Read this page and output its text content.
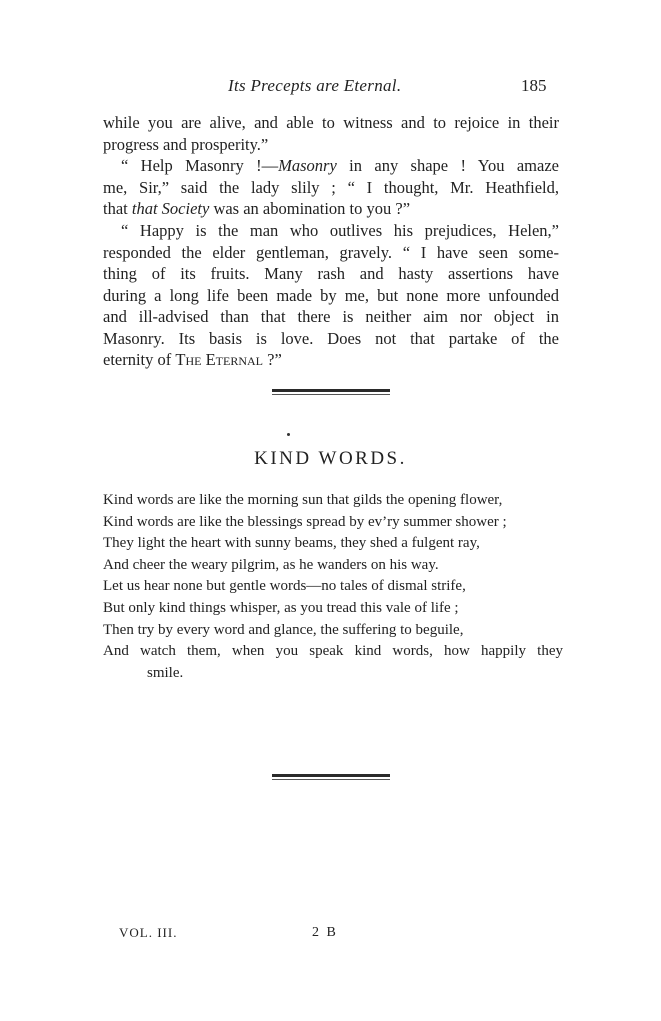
Its Precepts are Eternal.	185
while you are alive, and able to witness and to rejoice in their
progress and prosperity.”
“ Help Masonry !—Masonry in any shape ! You amaze
me, Sir,” said the lady slily ; “ I thought, Mr. Heathfield,
that that Society was an abomination to you ?”
“ Happy is the man who outlives his prejudices, Helen,”
responded the elder gentleman, gravely. “ I have seen some-
thing of its fruits. Many rash and hasty assertions have
during a long life been made by me, but none more unfounded
and ill-advised than that there is neither aim nor object in
Masonry. Its basis is love. Does not that partake of the
eternity of The Eternal ?”
KIND WORDS.
Kind words are like the morning sun that gilds the opening flower,
Kind words are like the blessings spread by ev’ry summer shower ;
They light the heart with sunny beams, they shed a fulgent ray,
And cheer the weary pilgrim, as he wanders on his way.
Let us hear none but gentle words—no tales of dismal strife,
But only kind things whisper, as you tread this vale of life ;
Then try by every word and glance, the suffering to beguile,
And watch them, when you speak kind words, how happily they
smile.
VOL. III.	2 B
